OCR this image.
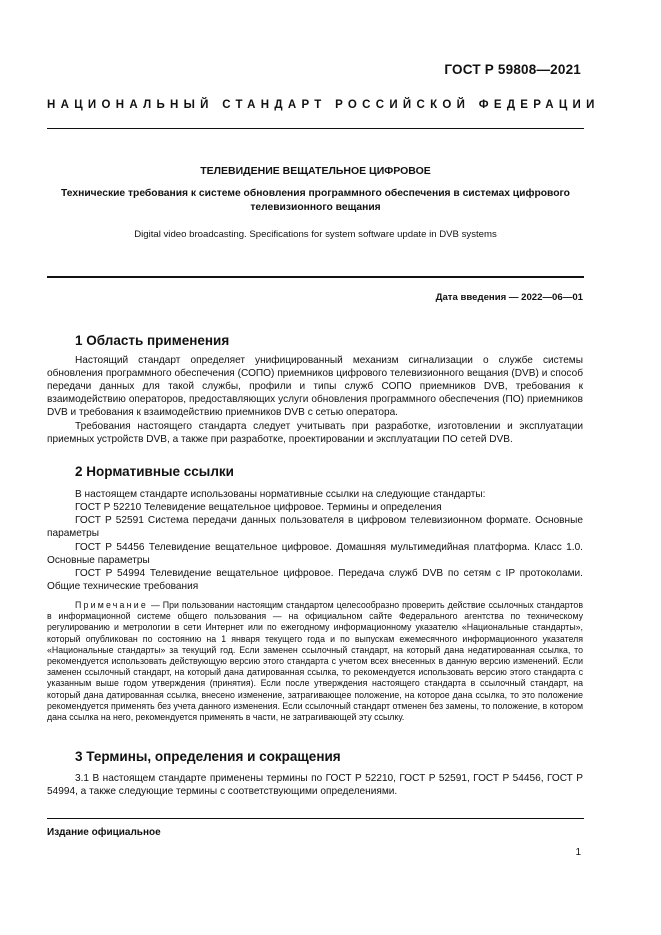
ГОСТ Р 59808—2021
НАЦИОНАЛЬНЫЙ СТАНДАРТ РОССИЙСКОЙ ФЕДЕРАЦИИ
ТЕЛЕВИДЕНИЕ ВЕЩАТЕЛЬНОЕ ЦИФРОВОЕ
Технические требования к системе обновления программного обеспечения в системах цифрового телевизионного вещания
Digital video broadcasting. Specifications for system software update in DVB systems
Дата введения — 2022—06—01
1 Область применения
Настоящий стандарт определяет унифицированный механизм сигнализации о службе системы обновления программного обеспечения (СОПО) приемников цифрового телевизионного вещания (DVB) и способ передачи данных для такой службы, профили и типы служб СОПО приемников DVB, требования к взаимодействию операторов, предоставляющих услуги обновления программного обеспечения (ПО) приемников DVB и требования к взаимодействию приемников DVB с сетью оператора.
Требования настоящего стандарта следует учитывать при разработке, изготовлении и эксплуатации приемных устройств DVB, а также при разработке, проектировании и эксплуатации ПО сетей DVB.
2 Нормативные ссылки
В настоящем стандарте использованы нормативные ссылки на следующие стандарты:
ГОСТ Р 52210 Телевидение вещательное цифровое. Термины и определения
ГОСТ Р 52591 Система передачи данных пользователя в цифровом телевизионном формате. Основные параметры
ГОСТ Р 54456 Телевидение вещательное цифровое. Домашняя мультимедийная платформа. Класс 1.0. Основные параметры
ГОСТ Р 54994 Телевидение вещательное цифровое. Передача служб DVB по сетям с IP протоколами. Общие технические требования
Примечание — При пользовании настоящим стандартом целесообразно проверить действие ссылочных стандартов в информационной системе общего пользования — на официальном сайте Федерального агентства по техническому регулированию и метрологии в сети Интернет или по ежегодному информационному указателю «Национальные стандарты», который опубликован по состоянию на 1 января текущего года и по выпускам ежемесячного информационного указателя «Национальные стандарты» за текущий год. Если заменен ссылочный стандарт, на который дана недатированная ссылка, то рекомендуется использовать действующую версию этого стандарта с учетом всех внесенных в данную версию изменений. Если заменен ссылочный стандарт, на который дана датированная ссылка, то рекомендуется использовать версию этого стандарта с указанным выше годом утверждения (принятия). Если после утверждения настоящего стандарта в ссылочный стандарт, на который дана датированная ссылка, внесено изменение, затрагивающее положение, на которое дана ссылка, то это положение рекомендуется применять без учета данного изменения. Если ссылочный стандарт отменен без замены, то положение, в котором дана ссылка на него, рекомендуется применять в части, не затрагивающей эту ссылку.
3 Термины, определения и сокращения
3.1 В настоящем стандарте применены термины по ГОСТ Р 52210, ГОСТ Р 52591, ГОСТ Р 54456, ГОСТ Р 54994, а также следующие термины с соответствующими определениями.
Издание официальное
1
